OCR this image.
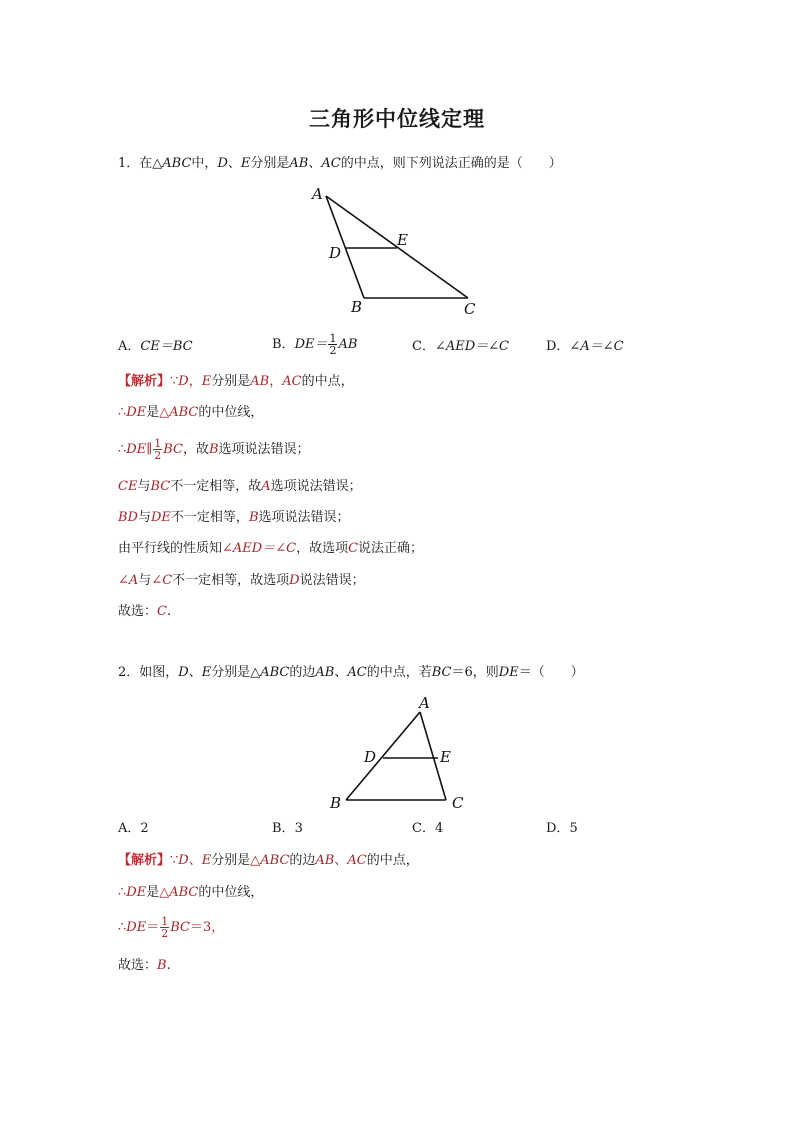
三角形中位线定理
1．在△ABC中，D、E分别是AB、AC的中点，则下列说法正确的是（　　）
A
D
E
B	C
A．CE＝BC	B．$DE= \frac{1}{2}$ AB	C．∠AED＝∠C	D．∠A＝∠C
【解析】∵D，E分别是AB，AC的中点，
∴DE是△ABC的中位线，
∴DE∥ $\frac{1}{2}$ BC，故B选项说法错误；
CE与BC不一定相等，故A选项说法错误；
BD与DE不一定相等，B选项说法错误；
由平行线的性质知∠AED＝∠C，故选项C说法正确；
∠A与∠C不一定相等，故选项D说法错误；
故选：C.
2．如图，D、E分别是△ABC的边AB、AC的中点，若BC＝6，则DE＝（　　）
A
D	E
B	C
A．2	B．3	C．4	D．5
【解析】∵D、E分别是△ABC的边AB、AC的中点，
∴DE是△ABC的中位线，
∴DE＝ $\frac{1}{2} BC=3$，
故选：B.
